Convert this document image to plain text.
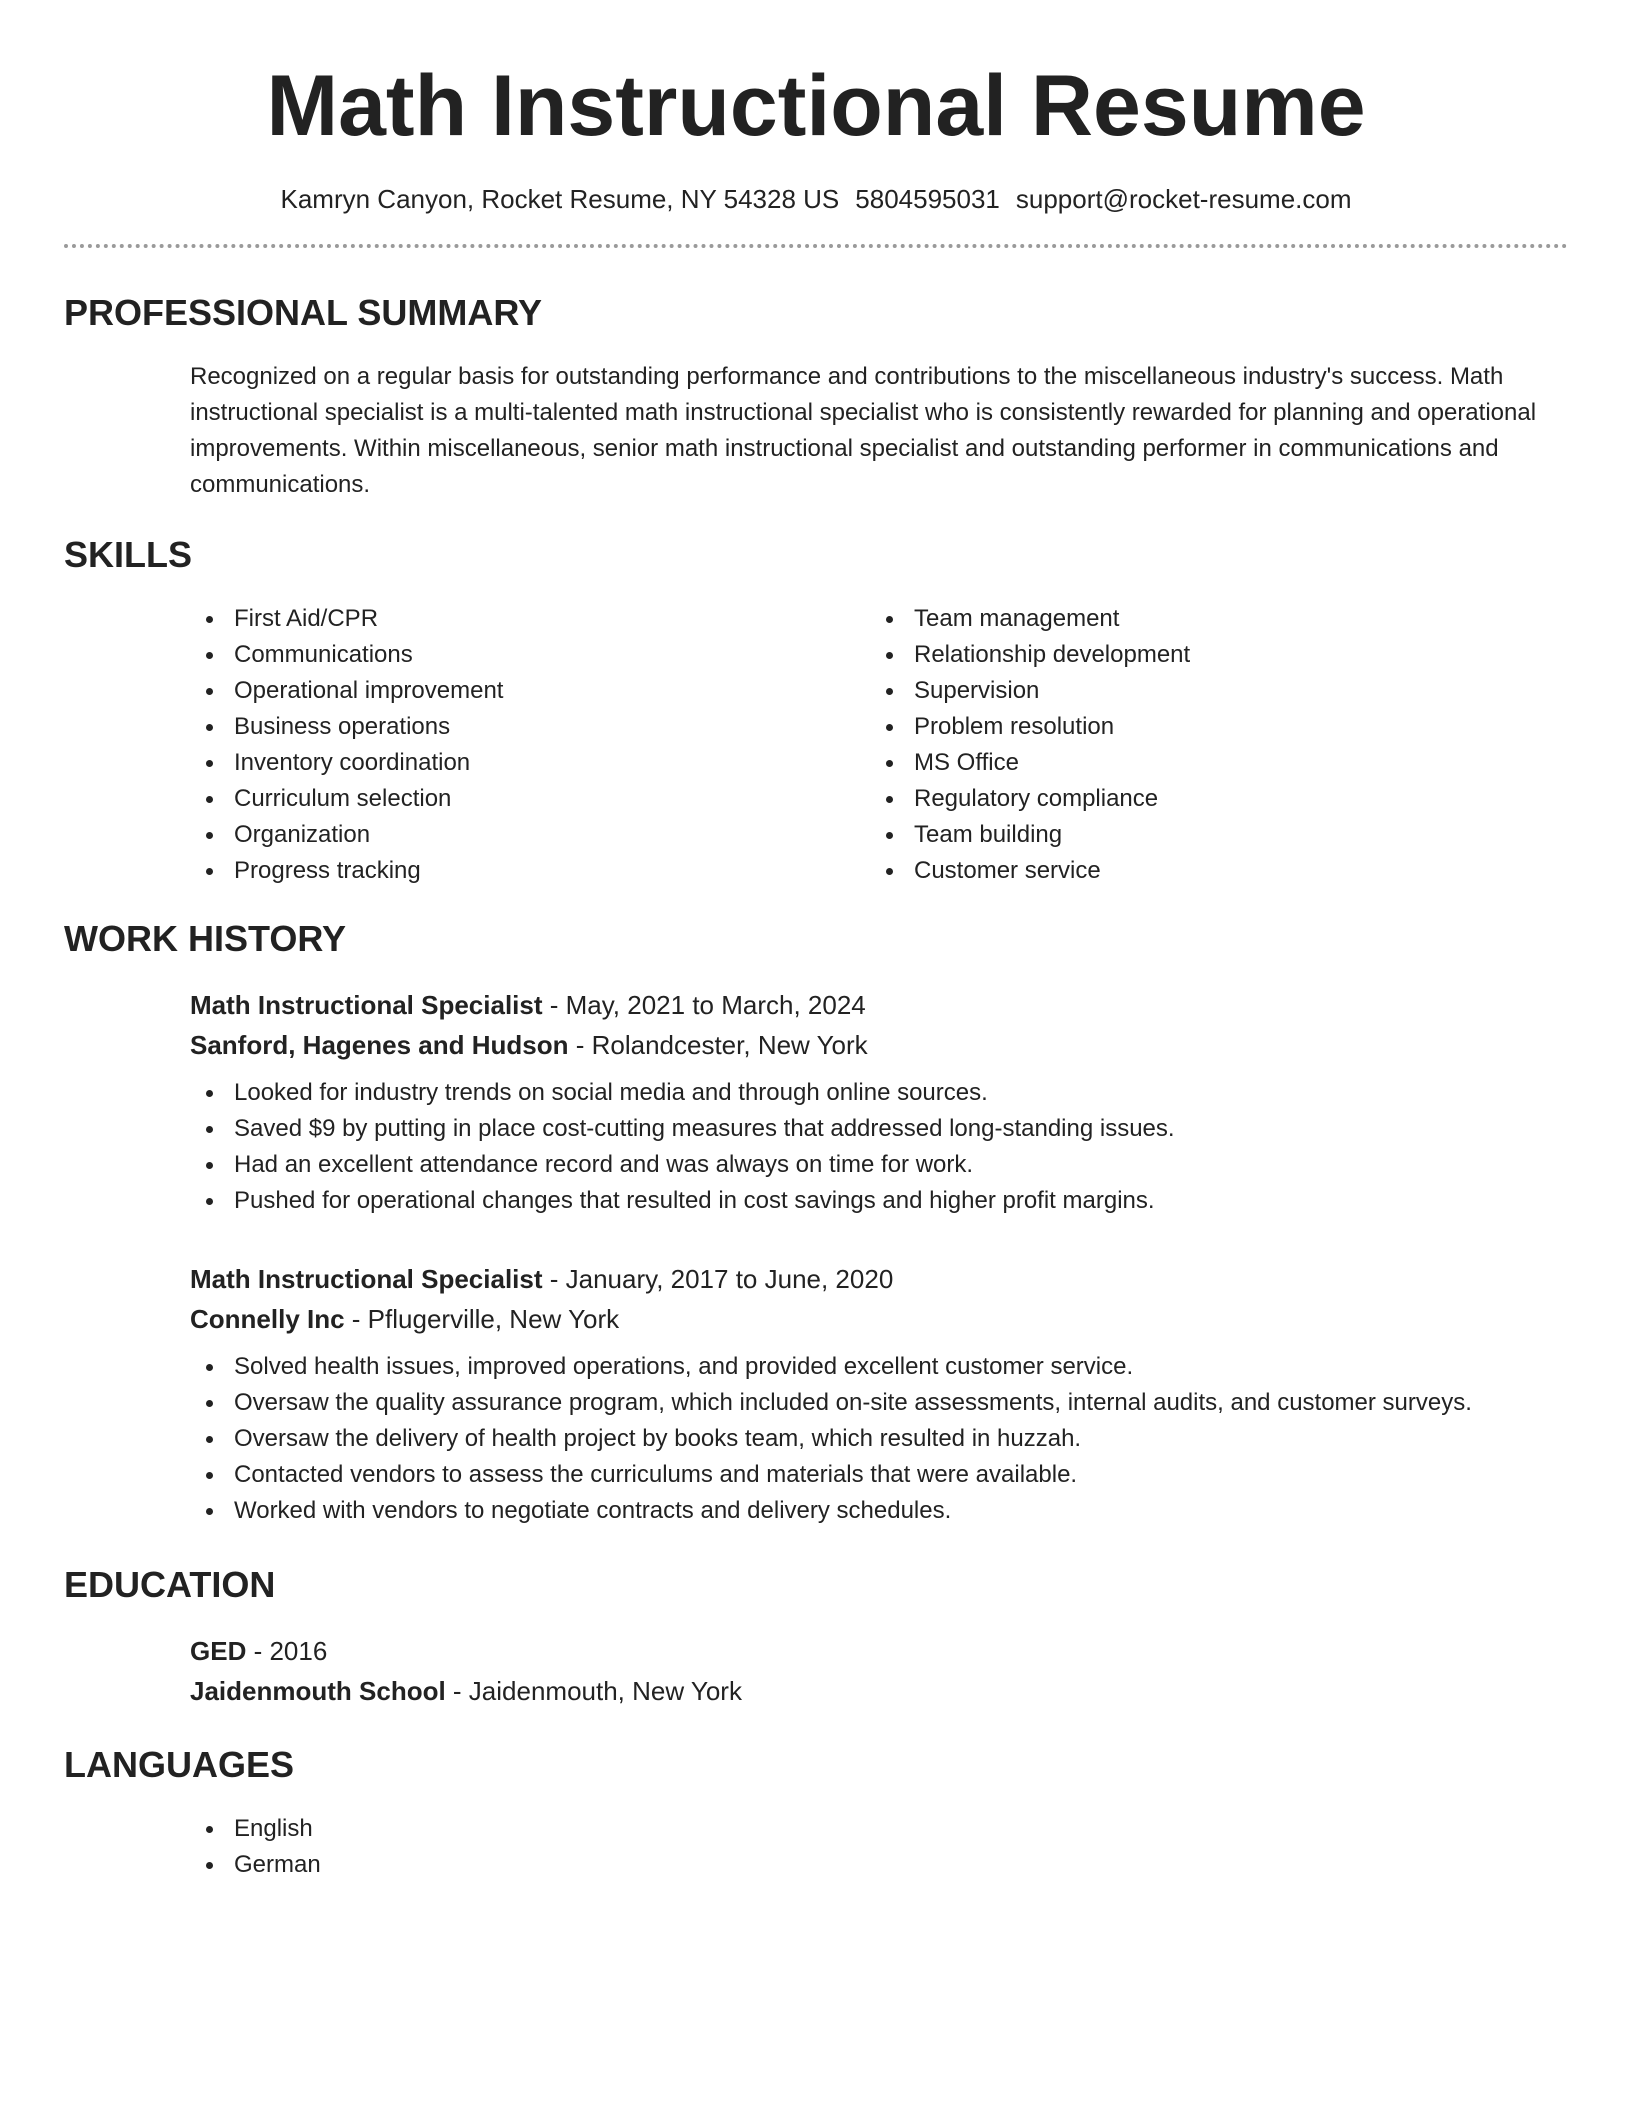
Math Instructional Resume
Kamryn Canyon, Rocket Resume, NY 54328 US 5804595031 support@rocket-resume.com
PROFESSIONAL SUMMARY

Recognized on a regular basis for outstanding performance and contributions to the miscellaneous industry's success. Math instructional specialist is a multi-talented math instructional specialist who is consistently rewarded for planning and operational improvements. Within miscellaneous, senior math instructional specialist and outstanding performer in communications and communications.

SKILLS
First Aid/CPR
Communications
Operational improvement
Business operations
Inventory coordination
Curriculum selection
Organization
Progress tracking
Team management
Relationship development
Supervision
Problem resolution
MS Office
Regulatory compliance
Team building
Customer service
WORK HISTORY
Math Instructional Specialist - May, 2021 to March, 2024
Sanford, Hagenes and Hudson - Rolandcester, New York
Looked for industry trends on social media and through online sources.
Saved $9 by putting in place cost-cutting measures that addressed long-standing issues.
Had an excellent attendance record and was always on time for work.
Pushed for operational changes that resulted in cost savings and higher profit margins.
Math Instructional Specialist - January, 2017 to June, 2020
Connelly Inc - Pflugerville, New York
Solved health issues, improved operations, and provided excellent customer service.
Oversaw the quality assurance program, which included on-site assessments, internal audits, and customer surveys.
Oversaw the delivery of health project by books team, which resulted in huzzah.
Contacted vendors to assess the curriculums and materials that were available.
Worked with vendors to negotiate contracts and delivery schedules.
EDUCATION
GED - 2016
Jaidenmouth School - Jaidenmouth, New York
LANGUAGES
English
German
